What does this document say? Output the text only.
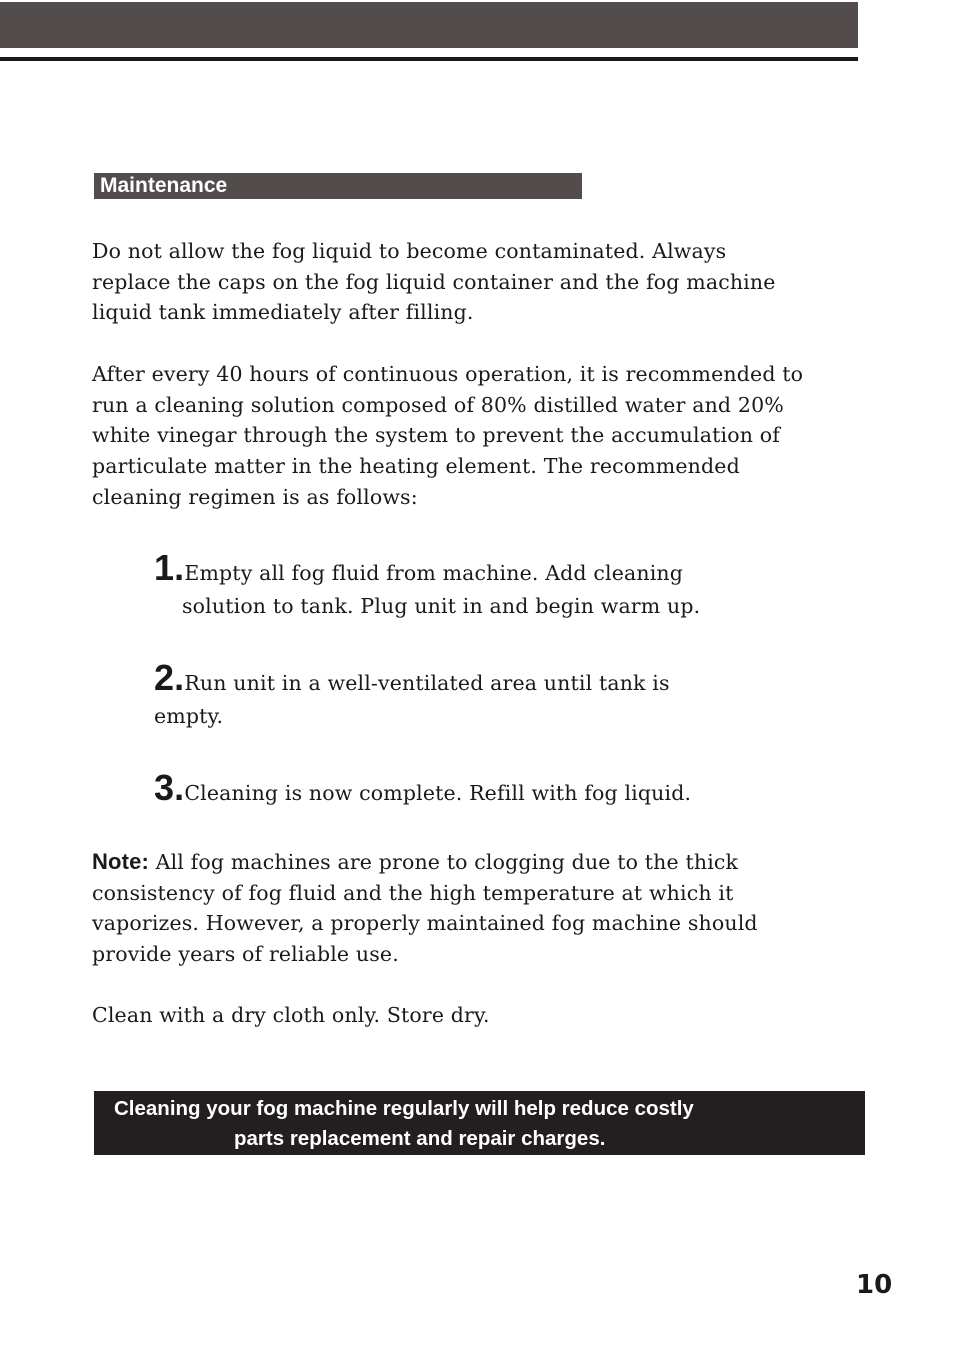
Maintenance

Do not allow the fog liquid to become contaminated. Always
replace the caps on the fog liquid container and the fog machine
liquid tank immediately after filling.

After every 40 hours of continuous operation, it is recommended to
run a cleaning solution composed of 80% distilled water and 20%
white vinegar through the system to prevent the accumulation of
particulate matter in the heating element. The recommended
cleaning regimen is as follows:

1.Empty all fog fluid from machine. Add cleaning
solution to tank. Plug unit in and begin warm up.
2.Run unit in a well-ventilated area until tank is
empty.
3.Cleaning is now complete. Refill with fog liquid.

Note: All fog machines are prone to clogging due to the thick
consistency of fog fluid and the high temperature at which it
vaporizes. However, a properly maintained fog machine should
provide years of reliable use.

Clean with a dry cloth only. Store dry.

Cleaning your fog machine regularly will help reduce costly
parts replacement and repair charges.
10
